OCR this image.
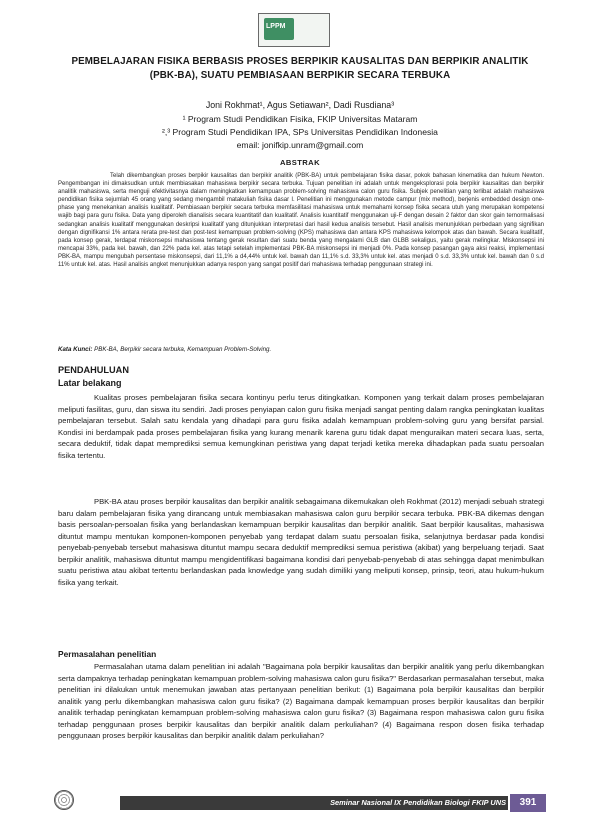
LPPM
PEMBELAJARAN FISIKA BERBASIS PROSES BERPIKIR KAUSALITAS DAN BERPIKIR ANALITIK (PBK-BA), SUATU PEMBIASAAN BERPIKIR SECARA TERBUKA
Joni Rokhmat¹, Agus Setiawan², Dadi Rusdiana³
¹ Program Studi Pendidikan Fisika, FKIP Universitas Mataram
²,³ Program Studi Pendidikan IPA, SPs Universitas Pendidikan Indonesia
email: jonifkip.unram@gmail.com
ABSTRAK
Telah dikembangkan proses berpikir kausalitas dan berpikir analitik (PBK-BA) untuk pembelajaran fisika dasar, pokok bahasan kinematika dan hukum Newton. Pengembangan ini dimaksudkan untuk membiasakan mahasiswa berpikir secara terbuka. Tujuan penelitian ini adalah untuk mengeksplorasi pola berpikir kausalitas dan berpikir analitik mahasiswa, serta menguji efektivitasnya dalam meningkatkan kemampuan problem-solving mahasiswa calon guru fisika. Subjek penelitian yang terlibat adalah mahasiswa pendidikan fisika sejumlah 45 orang yang sedang mengambil matakuliah fisika dasar I. Penelitian ini menggunakan metode campur (mix method), berjenis embedded design one-phase yang menekankan analisis kualitatif. Pembiasaan berpikir secara terbuka memfasilitasi mahasiswa untuk memahami konsep fisika secara utuh yang merupakan kompetensi wajib bagi para guru fisika. Data yang diperoleh dianalisis secara kuantitatif dan kualitatif. Analisis kuantitatif menggunakan uji-F dengan desain 2 faktor dan skor gain ternormalisasi sedangkan analisis kualitatif menggunakan deskripsi kualitatif yang ditunjukkan interpretasi dari hasil kedua analisis tersebut. Hasil analisis menunjukkan perbedaan yang signifikan dengan dignifikansi 1% antara rerata pre-test dan post-test kemampuan problem-solving (KPS) mahasiswa dan antara KPS mahasiswa kelompok atas dan bawah. Secara kualitatif, pada konsep gerak, terdapat miskonsepsi mahasiswa tentang gerak resultan dari suatu benda yang mengalami GLB dan GLBB sekaligus, yaitu gerak melingkar. Miskonsepsi ini mencapai 33%, pada kel. bawah, dan 22% pada kel. atas tetapi setelah implementasi PBK-BA miskonsepsi ini menjadi 0%. Pada konsep pasangan gaya aksi reaksi, implementasi PBK-BA, mampu mengubah persentase miskonsepsi, dari 11,1% a d4,44% untuk kel. bawah dan 11,1% s.d. 33,3% untuk kel. atas menjadi 0 s.d. 33,3% untuk kel. bawah dan 0 s.d 11% untuk kel. atas. Hasil analisis angket menunjukkan adanya respon yang sangat positif dari mahasiswa terhadap penggunaan strategi ini.
Kata Kunci: PBK-BA, Berpikir secara terbuka, Kemampuan Problem-Solving.
PENDAHULUAN
Latar belakang
Kualitas proses pembelajaran fisika secara kontinyu perlu terus ditingkatkan. Komponen yang terkait dalam proses pembelajaran meliputi fasilitas, guru, dan siswa itu sendiri. Jadi proses penyiapan calon guru fisika menjadi sangat penting dalam rangka peningkatan kualitas pembelajaran tersebut. Salah satu kendala yang dihadapi para guru fisika adalah kemampuan problem-solving guru yang bersifat parsial. Kondisi ini berdampak pada proses pembelajaran fisika yang kurang menarik karena guru tidak dapat menguraikan materi secara luas, serta, secara deduktif, tidak dapat memprediksi semua kemungkinan peristiwa yang dapat terjadi ketika mereka dihadapkan pada suatu persoalan fisika tertentu.
PBK-BA atau proses berpikir kausalitas dan berpikir analitik sebagaimana dikemukakan oleh Rokhmat (2012) menjadi sebuah strategi baru dalam pembelajaran fisika yang dirancang untuk membiasakan mahasiswa calon guru berpikir secara terbuka. PBK-BA dikemas dengan basis persoalan-persoalan fisika yang berlandaskan kemampuan berpikir kausalitas dan berpikir analitik. Saat berpikir kausalitas, mahasiswa dituntut mampu mentukan komponen-komponen penyebab yang terdapat dalam suatu persoalan fisika, selanjutnya berdasar pada kondisi penyebab-penyebab tersebut mahasiswa dituntut mampu secara deduktif memprediksi semua peristiwa (akibat) yang berpeluang terjadi. Saat berpikir analitik, mahasiswa dituntut mampu mengidentifikasi bagaimana kondisi dari penyebab-penyebab di atas sehingga dapat menimbulkan suatu peristiwa atau akibat tertentu berlandaskan pada knowledge yang sudah dimiliki yang meliputi konsep, prinsip, teori, atau hukum-hukum fisika yang terkait.
Permasalahan penelitian
Permasalahan utama dalam penelitian ini adalah "Bagaimana pola berpikir kausalitas dan berpikir analitik yang perlu dikembangkan serta dampaknya terhadap peningkatan kemampuan problem-solving mahasiswa calon guru fisika?" Berdasarkan permasalahan tersebut, maka penelitian ini dilakukan untuk menemukan jawaban atas pertanyaan penelitian berikut: (1) Bagaimana pola berpikir kausalitas dan berpikir analitik yang perlu dikembangkan mahasiswa calon guru fisika? (2) Bagaimana dampak kemampuan proses berpikir kausalitas dan berpikir analitik terhadap peningkatan kemampuan problem-solving mahasiswa calon guru fisika? (3) Bagaimana respon mahasiswa calon guru fisika terhadap penggunaan proses berpikir kausalitas dan berpikir analitik dalam perkuliahan? (4) Bagaimana respon dosen fisika terhadap penggunaan proses berpikir kausalitas dan berpikir analitik dalam perkuliahan?
Seminar Nasional IX Pendidikan Biologi FKIP UNS	391
